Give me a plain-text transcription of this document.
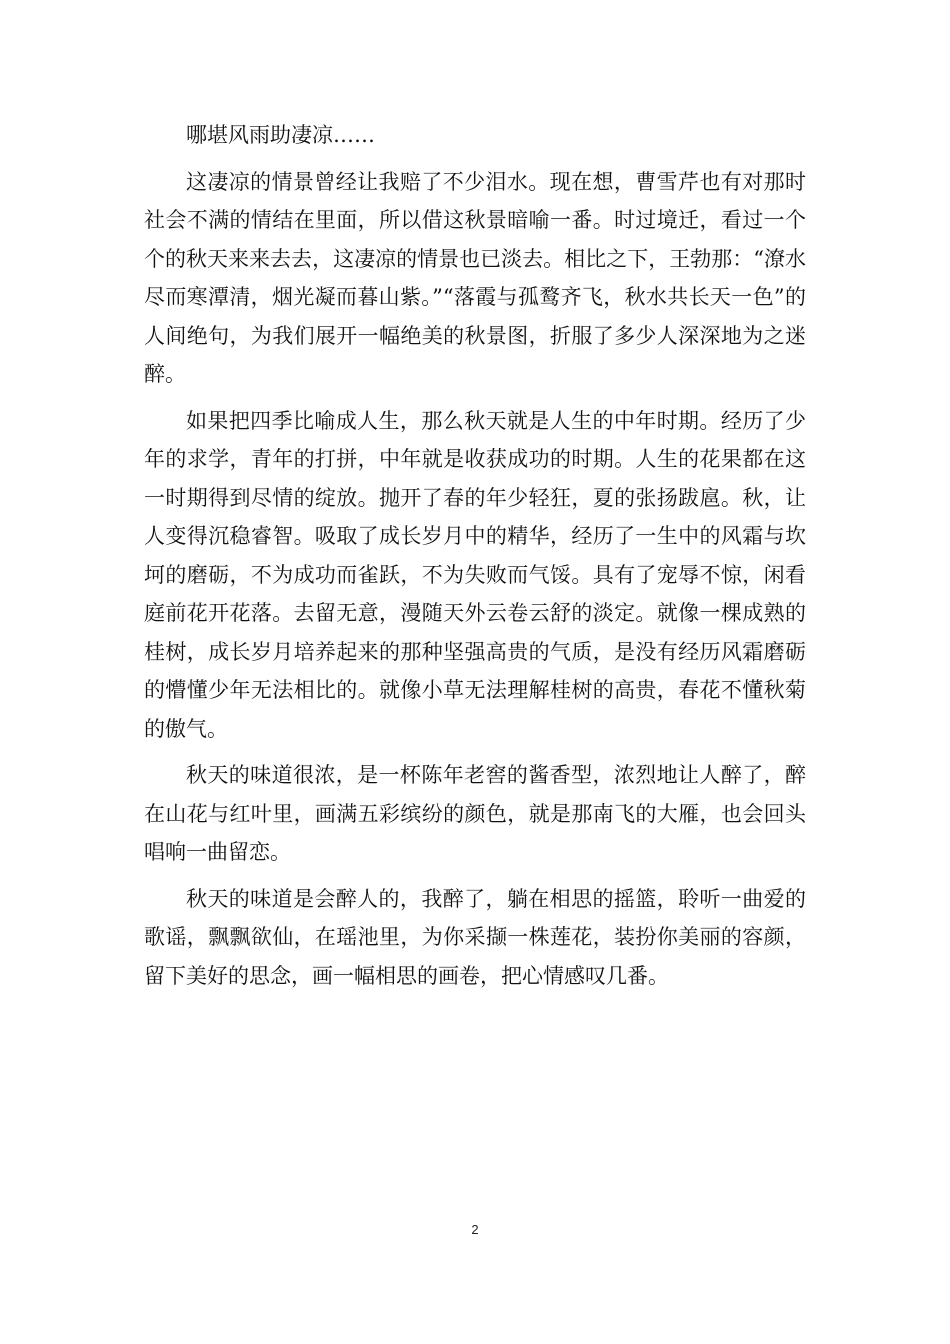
哪堪风雨助凄凉……

这凄凉的情景曾经让我赔了不少泪水。现在想，曹雪芹也有对那时社会不满的情结在里面，所以借这秋景暗喻一番。时过境迁，看过一个个的秋天来来去去，这凄凉的情景也已淡去。相比之下，王勃那：“潦水尽而寒潭清，烟光凝而暮山紫。”“落霞与孤鹜齐飞，秋水共长天一色”的人间绝句，为我们展开一幅绝美的秋景图，折服了多少人深深地为之迷醉。

如果把四季比喻成人生，那么秋天就是人生的中年时期。经历了少年的求学，青年的打拼，中年就是收获成功的时期。人生的花果都在这一时期得到尽情的绽放。抛开了春的年少轻狂，夏的张扬跋扈。秋，让人变得沉稳睿智。吸取了成长岁月中的精华，经历了一生中的风霜与坎坷的磨砺，不为成功而雀跃，不为失败而气馁。具有了宠辱不惊，闲看庭前花开花落。去留无意，漫随天外云卷云舒的淡定。就像一棵成熟的桂树，成长岁月培养起来的那种坚强高贵的气质，是没有经历风霜磨砺的懵懂少年无法相比的。就像小草无法理解桂树的高贵，春花不懂秋菊的傲气。

秋天的味道很浓，是一杯陈年老窖的酱香型，浓烈地让人醉了，醉在山花与红叶里，画满五彩缤纷的颜色，就是那南飞的大雁，也会回头唱响一曲留恋。

秋天的味道是会醉人的，我醉了，躺在相思的摇篮，聆听一曲爱的歌谣，飘飘欲仙，在瑶池里，为你采撷一株莲花，装扮你美丽的容颜，留下美好的思念，画一幅相思的画卷，把心情感叹几番。

2
